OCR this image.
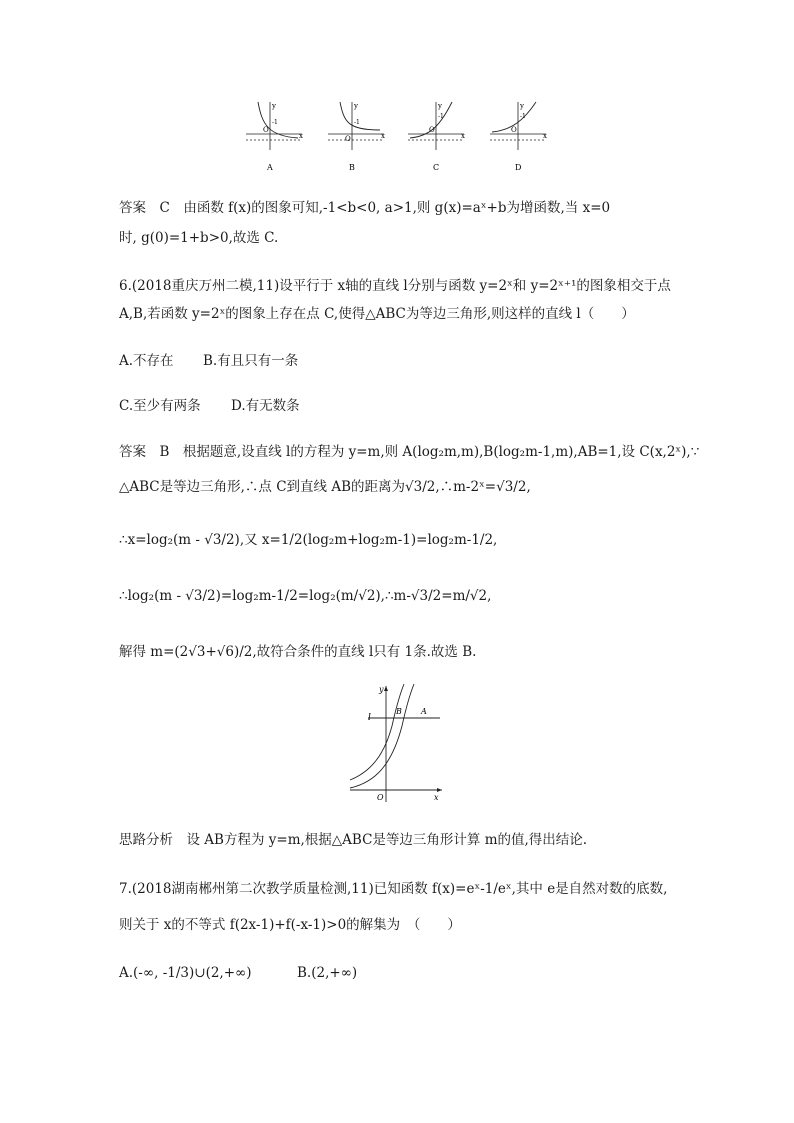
y
x
O
-1
y
x
O
-1
y
x
O
-1
y
x
O
-1
A	B	C	D
答案　C　由函数 f(x)的图象可知,-1<b<0, a>1,则 g(x)=aˣ+b为增函数,当 x=0
时, g(0)=1+b>0,故选 C.
6.(2018重庆万州二模,11)设平行于 x轴的直线 l分别与函数 y=2ˣ和 y=2ˣ⁺¹的图象相交于点
A,B,若函数 y=2ˣ的图象上存在点 C,使得△ABC为等边三角形,则这样的直线 l（　　）
A.不存在 B.有且只有一条
C.至少有两条 D.有无数条
答案　B　根据题意,设直线 l的方程为 y=m,则 A(log₂m,m),B(log₂m-1,m),AB=1,设 C(x,2ˣ),∵
△ABC是等边三角形,∴点 C到直线 AB的距离为√3/2,∴m-2ˣ=√3/2,
∴x=log₂(m - √3/2),又 x=1/2(log₂m+log₂m-1)=log₂m-1/2,
∴log₂(m - √3/2)=log₂m-1/2=log₂(m/√2),∴m-√3/2=m/√2,
解得 m=(2√3+√6)/2,故符合条件的直线 l只有 1条.故选 B.
y
x
O
l
B A
思路分析　设 AB方程为 y=m,根据△ABC是等边三角形计算 m的值,得出结论.
7.(2018湖南郴州第二次教学质量检测,11)已知函数 f(x)=eˣ-1/eˣ,其中 e是自然对数的底数,
则关于 x的不等式 f(2x-1)+f(-x-1)>0的解集为　（　　）
A.(-∞, -1/3)∪(2,+∞)	B.(2,+∞)
